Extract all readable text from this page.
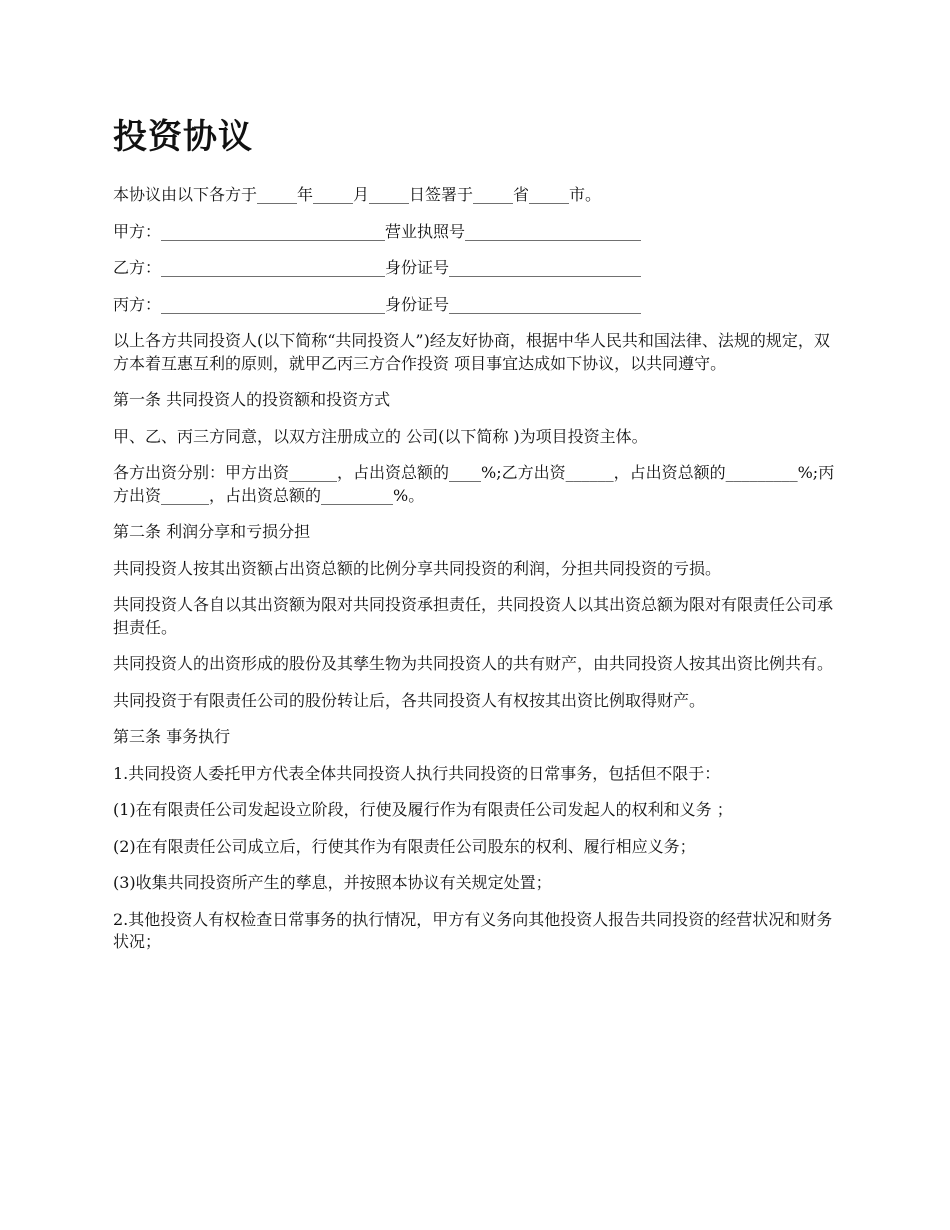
投资协议

本协议由以下各方于_____年_____月_____日签署于_____省_____市。

甲方：____________________________营业执照号______________________

乙方：____________________________身份证号________________________

丙方：____________________________身份证号________________________

以上各方共同投资人(以下简称“共同投资人”)经友好协商，根据中华人民共和国法律、法规的规定，双方本着互惠互利的原则，就甲乙丙三方合作投资 项目事宜达成如下协议，以共同遵守。

第一条 共同投资人的投资额和投资方式

甲、乙、丙三方同意，以双方注册成立的 公司(以下简称 )为项目投资主体。

各方出资分别：甲方出资______，占出资总额的____%;乙方出资______，占出资总额的_________%;丙方出资______，占出资总额的_________%。

第二条 利润分享和亏损分担

共同投资人按其出资额占出资总额的比例分享共同投资的利润，分担共同投资的亏损。

共同投资人各自以其出资额为限对共同投资承担责任，共同投资人以其出资总额为限对有限责任公司承担责任。

共同投资人的出资形成的股份及其孳生物为共同投资人的共有财产，由共同投资人按其出资比例共有。

共同投资于有限责任公司的股份转让后，各共同投资人有权按其出资比例取得财产。

第三条 事务执行

1.共同投资人委托甲方代表全体共同投资人执行共同投资的日常事务，包括但不限于：

(1)在有限责任公司发起设立阶段，行使及履行作为有限责任公司发起人的权利和义务 ；

(2)在有限责任公司成立后，行使其作为有限责任公司股东的权利、履行相应义务；

(3)收集共同投资所产生的孳息，并按照本协议有关规定处置；

2.其他投资人有权检查日常事务的执行情况，甲方有义务向其他投资人报告共同投资的经营状况和财务状况；
